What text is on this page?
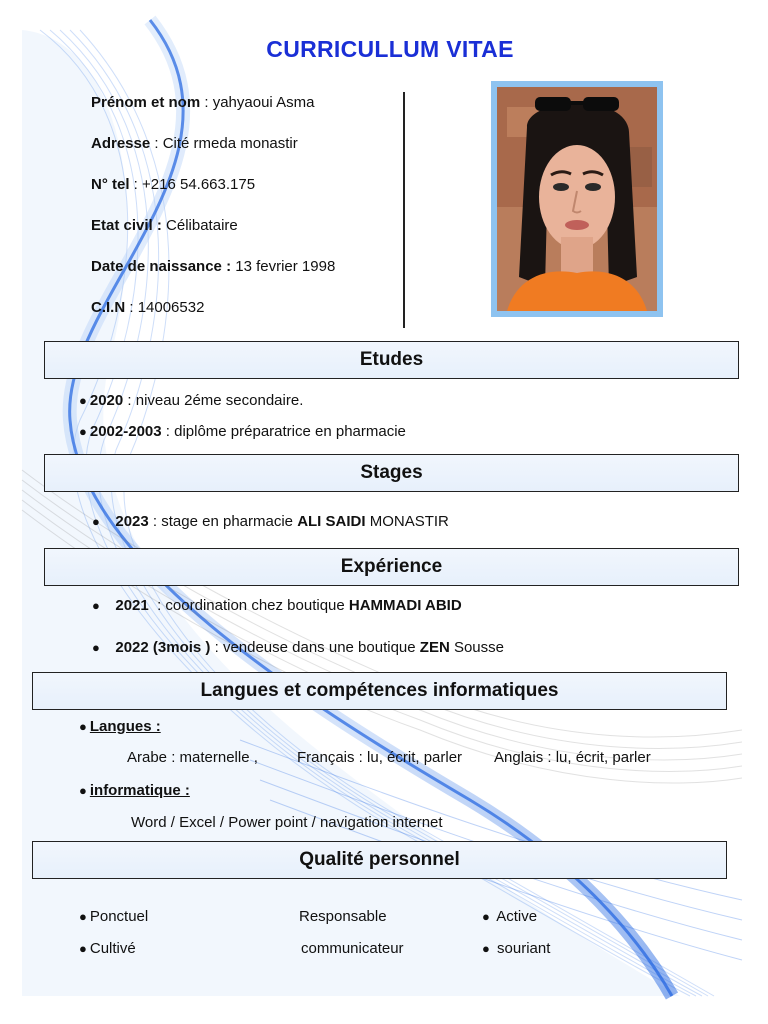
CURRICULLUM VITAE
Prénom et nom : yahyaoui Asma
Adresse : Cité rmeda monastir
N° tel : +216 54.663.175
Etat civil : Célibataire
Date de naissance : 13 fevrier 1998
C.I.N : 14006532
Etudes
● 2020 : niveau 2éme secondaire.
● 2002-2003 : diplôme préparatrice en pharmacie
Stages
● 2023 : stage en pharmacie ALI SAIDI MONASTIR
Expérience
● 2021  : coordination chez boutique HAMMADI ABID
● 2022 (3mois ) : vendeuse dans une boutique ZEN Sousse
Langues et compétences informatiques
● Langues :
Arabe : maternelle ,	Français : lu, écrit, parler Anglais : lu, écrit, parler
● informatique :
Word / Excel / Power point / navigation internet
Qualité personnel
● Ponctuel	Responsable	● Active
● Cultivé	communicateur	● souriant
